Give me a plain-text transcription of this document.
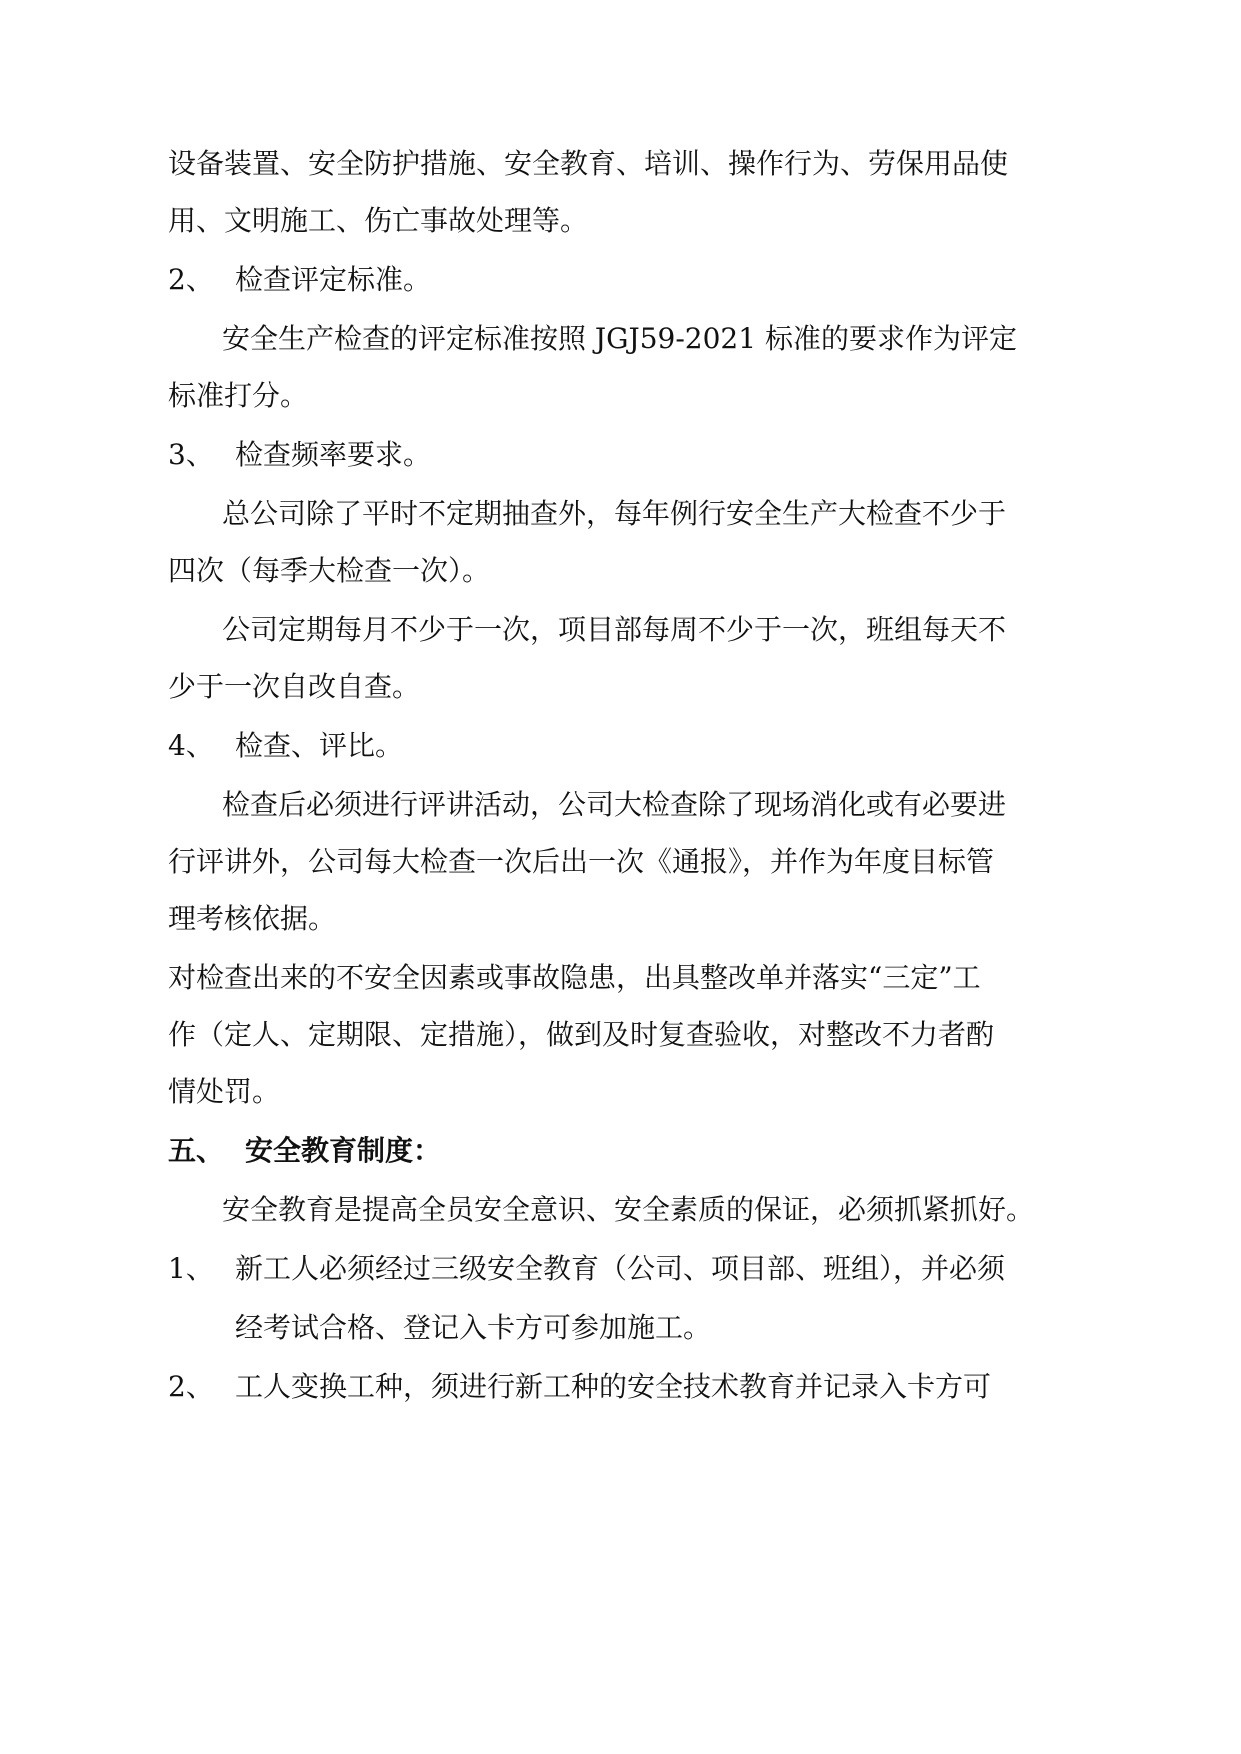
设备装置、安全防护措施、安全教育、培训、操作行为、劳保用品使
用、文明施工、伤亡事故处理等。
2、 检查评定标准。
安全生产检查的评定标准按照 JGJ59-2021 标准的要求作为评定
标准打分。
3、 检查频率要求。
总公司除了平时不定期抽查外，每年例行安全生产大检查不少于
四次（每季大检查一次）。
公司定期每月不少于一次，项目部每周不少于一次，班组每天不
少于一次自改自查。
4、 检查、评比。
检查后必须进行评讲活动，公司大检查除了现场消化或有必要进
行评讲外，公司每大检查一次后出一次《通报》，并作为年度目标管
理考核依据。
对检查出来的不安全因素或事故隐患，出具整改单并落实“三定”工
作（定人、定期限、定措施），做到及时复查验收，对整改不力者酌
情处罚。
五、 安全教育制度：
安全教育是提高全员安全意识、安全素质的保证，必须抓紧抓好。
1、 新工人必须经过三级安全教育（公司、项目部、班组），并必须
经考试合格、登记入卡方可参加施工。
2、 工人变换工种，须进行新工种的安全技术教育并记录入卡方可
